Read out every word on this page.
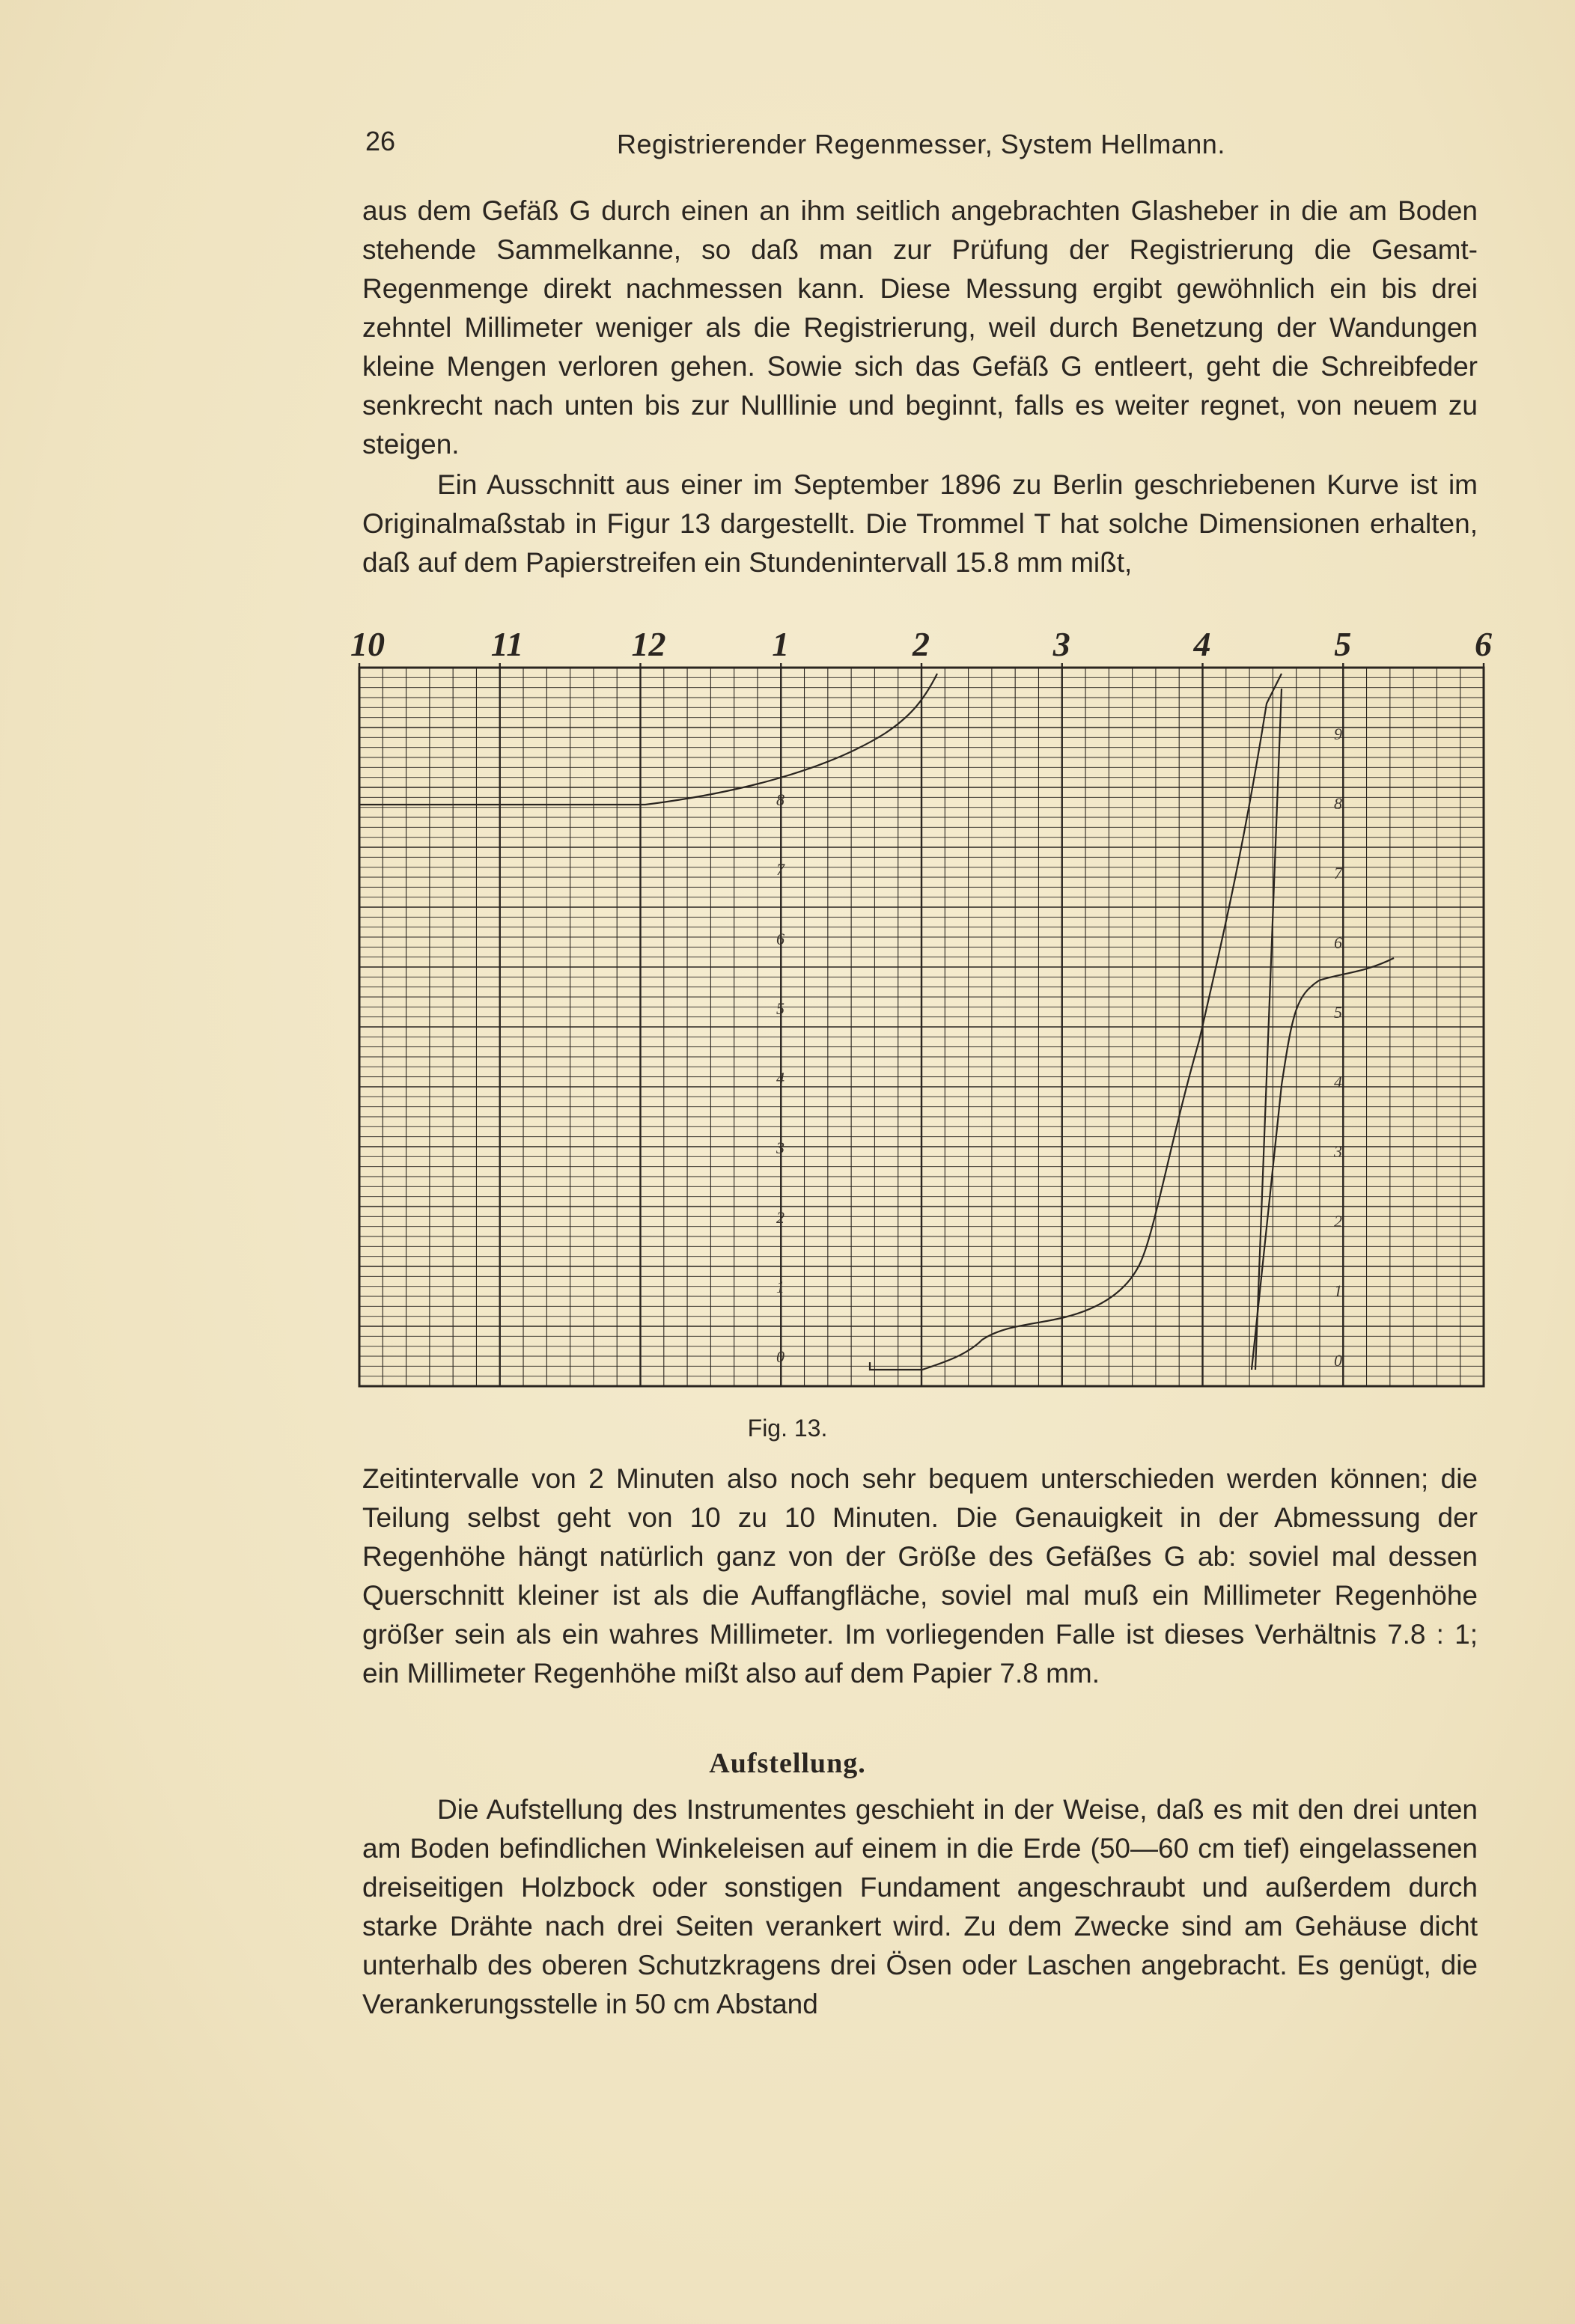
26	Registrierender Regenmesser, System Hellmann.

aus dem Gefäß G durch einen an ihm seitlich angebrachten Glasheber in die am Boden stehende Sammelkanne, so daß man zur Prüfung der Registrierung die Gesamt-Regenmenge direkt nachmessen kann. Diese Messung ergibt gewöhnlich ein bis drei zehntel Millimeter weniger als die Registrierung, weil durch Benetzung der Wandungen kleine Mengen verloren gehen. Sowie sich das Gefäß G entleert, geht die Schreibfeder senkrecht nach unten bis zur Nulllinie und beginnt, falls es weiter regnet, von neuem zu steigen.

Ein Ausschnitt aus einer im September 1896 zu Berlin geschriebenen Kurve ist im Originalmaßstab in Figur 13 dargestellt. Die Trommel T hat solche Dimensionen erhalten, daß auf dem Papierstreifen ein Stundenintervall 15.8 mm mißt,

10	11	12	1	2	3	4	5	6
0
1
2
3
4
5
6
7
8
0
1
2
3
4
5
6
7
8
9
Fig. 13.

Zeitintervalle von 2 Minuten also noch sehr bequem unterschieden werden können; die Teilung selbst geht von 10 zu 10 Minuten. Die Genauigkeit in der Abmessung der Regenhöhe hängt natürlich ganz von der Größe des Gefäßes G ab: soviel mal dessen Querschnitt kleiner ist als die Auffangfläche, soviel mal muß ein Millimeter Regenhöhe größer sein als ein wahres Millimeter. Im vorliegenden Falle ist dieses Verhältnis 7.8 : 1; ein Millimeter Regenhöhe mißt also auf dem Papier 7.8 mm.

Aufstellung.

Die Aufstellung des Instrumentes geschieht in der Weise, daß es mit den drei unten am Boden befindlichen Winkeleisen auf einem in die Erde (50—60 cm tief) eingelassenen dreiseitigen Holzbock oder sonstigen Fundament angeschraubt und außerdem durch starke Drähte nach drei Seiten verankert wird. Zu dem Zwecke sind am Gehäuse dicht unterhalb des oberen Schutzkragens drei Ösen oder Laschen angebracht. Es genügt, die Verankerungsstelle in 50 cm Abstand
